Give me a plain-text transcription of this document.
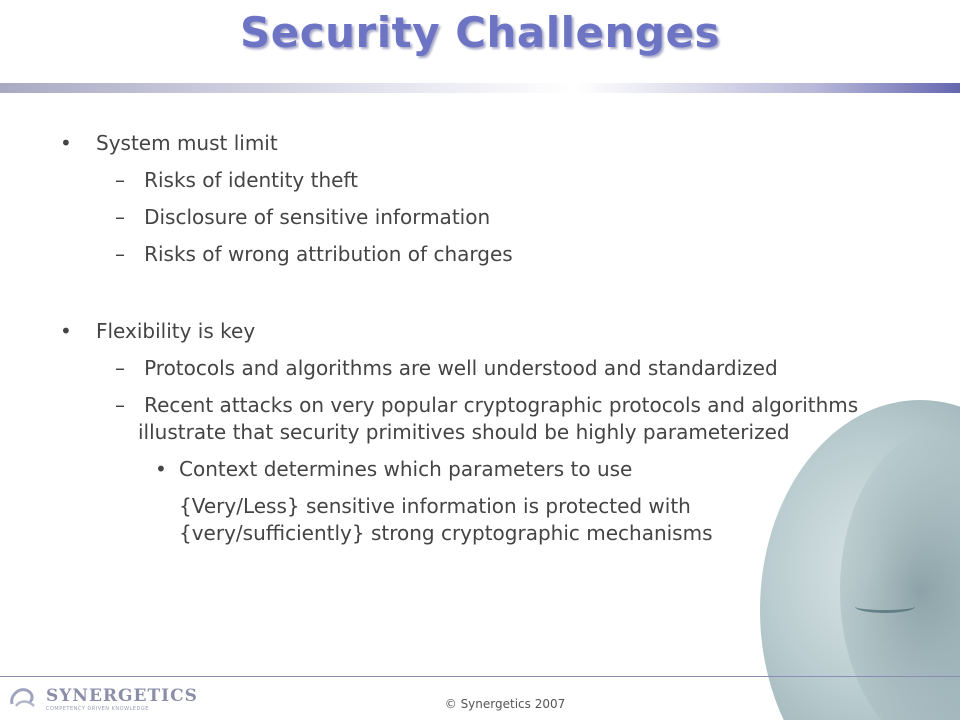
Security Challenges
• System must limit
–   Risks of identity theft
–   Disclosure of sensitive information
–   Risks of wrong attribution of charges
• Flexibility is key
–   Protocols and algorithms are well understood and standardized
–   Recent attacks on very popular cryptographic protocols and algorithms illustrate that security primitives should be highly parameterized
• Context determines which parameters to use
{Very/Less} sensitive information is protected with {very/sufficiently} strong cryptographic mechanisms
SYNERGETICS
COMPETENCY DRIVEN KNOWLEDGE	© Synergetics 2007
